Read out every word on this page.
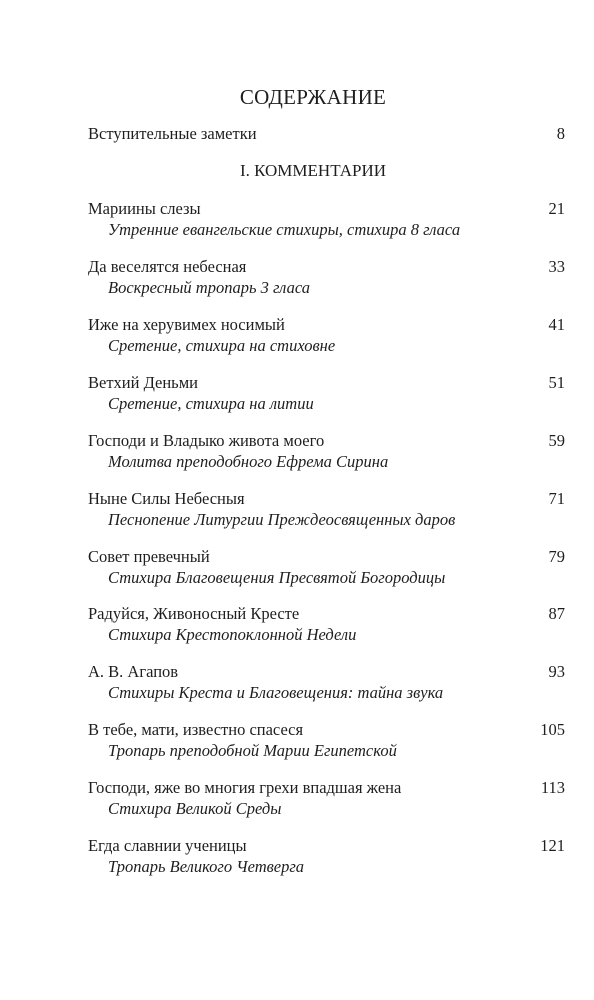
СОДЕРЖАНИЕ
Вступительные заметки	8
I. КОММЕНТАРИИ
Мариины слезы	21
Утренние евангельские стихиры, стихира 8 гласа
Да веселятся небесная	33
Воскресный тропарь 3 гласа
Иже на херувимех носимый	41
Сретение, стихира на стиховне
Ветхий Деньми	51
Сретение, стихира на литии
Господи и Владыко живота моего	59
Молитва преподобного Ефрема Сирина
Ныне Силы Небесныя	71
Песнопение Литургии Преждеосвященных даров
Совет превечный	79
Стихира Благовещения Пресвятой Богородицы
Радуйся, Живоносный Кресте	87
Стихира Крестопоклонной Недели
А. В. Агапов	93
Стихиры Креста и Благовещения: тайна звука
В тебе, мати, известно спасеся	105
Тропарь преподобной Марии Египетской
Господи, яже во многия грехи впадшая жена	113
Стихира Великой Среды
Егда славнии ученицы	121
Тропарь Великого Четверга
